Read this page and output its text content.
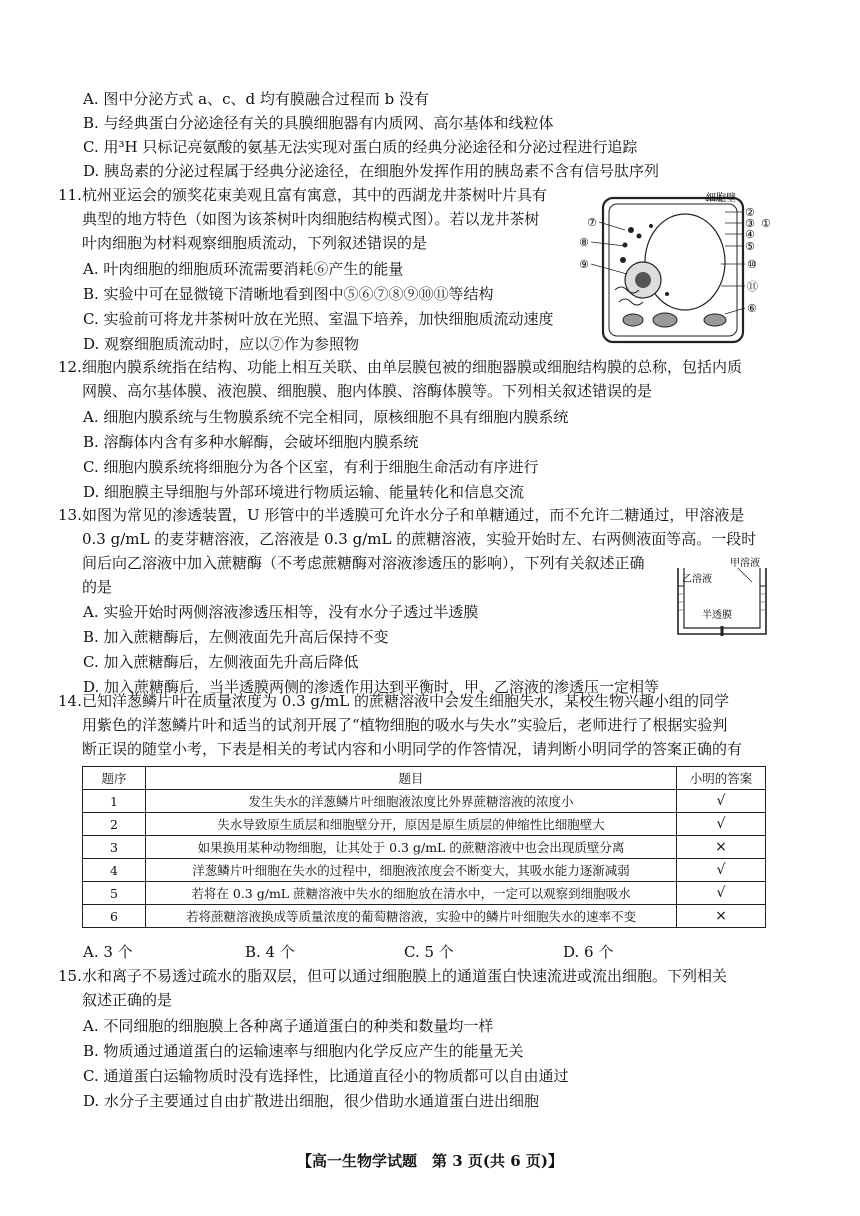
A. 图中分泌方式 a、c、d 均有膜融合过程而 b 没有
B. 与经典蛋白分泌途径有关的具膜细胞器有内质网、高尔基体和线粒体
C. 用³H 只标记亮氨酸的氨基无法实现对蛋白质的经典分泌途径和分泌过程进行追踪
D. 胰岛素的分泌过程属于经典分泌途径，在细胞外发挥作用的胰岛素不含有信号肽序列
11. 杭州亚运会的颁奖花束美观且富有寓意，其中的西湖龙井茶树叶片具有
典型的地方特色（如图为该茶树叶肉细胞结构模式图）。若以龙井茶树
叶肉细胞为材料观察细胞质流动，下列叙述错误的是
A. 叶肉细胞的细胞质环流需要消耗⑥产生的能量
B. 实验中可在显微镜下清晰地看到图中⑤⑥⑦⑧⑨⑩⑪等结构
C. 实验前可将龙井茶树叶放在光照、室温下培养，加快细胞质流动速度
D. 观察细胞质流动时，应以⑦作为参照物
细胞壁
②
③
④
①
⑤
⑦
⑧
⑨	⑩
⑪
⑥
12. 细胞内膜系统指在结构、功能上相互关联、由单层膜包被的细胞器膜或细胞结构膜的总称，包括内质
网膜、高尔基体膜、液泡膜、细胞膜、胞内体膜、溶酶体膜等。下列相关叙述错误的是
A. 细胞内膜系统与生物膜系统不完全相同，原核细胞不具有细胞内膜系统
B. 溶酶体内含有多种水解酶，会破坏细胞内膜系统
C. 细胞内膜系统将细胞分为各个区室，有利于细胞生命活动有序进行
D. 细胞膜主导细胞与外部环境进行物质运输、能量转化和信息交流
13. 如图为常见的渗透装置，U 形管中的半透膜可允许水分子和单糖通过，而不允许二糖通过，甲溶液是
0.3 g/mL 的麦芽糖溶液，乙溶液是 0.3 g/mL 的蔗糖溶液，实验开始时左、右两侧液面等高。一段时
间后向乙溶液中加入蔗糖酶（不考虑蔗糖酶对溶液渗透压的影响），下列有关叙述正确
的是
A. 实验开始时两侧溶液渗透压相等，没有水分子透过半透膜
B. 加入蔗糖酶后，左侧液面先升高后保持不变
C. 加入蔗糖酶后，左侧液面先升高后降低
D. 加入蔗糖酶后，当半透膜两侧的渗透作用达到平衡时，甲、乙溶液的渗透压一定相等
甲溶液
乙溶液
半透膜
14. 已知洋葱鳞片叶在质量浓度为 0.3 g/mL 的蔗糖溶液中会发生细胞失水，某校生物兴趣小组的同学
用紫色的洋葱鳞片叶和适当的试剂开展了“植物细胞的吸水与失水”实验后，老师进行了根据实验判
断正误的随堂小考，下表是相关的考试内容和小明同学的作答情况，请判断小明同学的答案正确的有
题序	题目	小明的答案
1	发生失水的洋葱鳞片叶细胞液浓度比外界蔗糖溶液的浓度小	√
2	失水导致原生质层和细胞壁分开，原因是原生质层的伸缩性比细胞壁大	√
3	如果换用某种动物细胞，让其处于 0.3 g/mL 的蔗糖溶液中也会出现质壁分离	×
4	洋葱鳞片叶细胞在失水的过程中，细胞液浓度会不断变大，其吸水能力逐渐减弱	√
5	若将在 0.3 g/mL 蔗糖溶液中失水的细胞放在清水中，一定可以观察到细胞吸水	√
6	若将蔗糖溶液换成等质量浓度的葡萄糖溶液，实验中的鳞片叶细胞失水的速率不变	×
A. 3 个	B. 4 个	C. 5 个	D. 6 个
15. 水和离子不易透过疏水的脂双层，但可以通过细胞膜上的通道蛋白快速流进或流出细胞。下列相关
叙述正确的是
A. 不同细胞的细胞膜上各种离子通道蛋白的种类和数量均一样
B. 物质通过通道蛋白的运输速率与细胞内化学反应产生的能量无关
C. 通道蛋白运输物质时没有选择性，比通道直径小的物质都可以自由通过
D. 水分子主要通过自由扩散进出细胞，很少借助水通道蛋白进出细胞
【高一生物学试题　第 3 页(共 6 页)】
